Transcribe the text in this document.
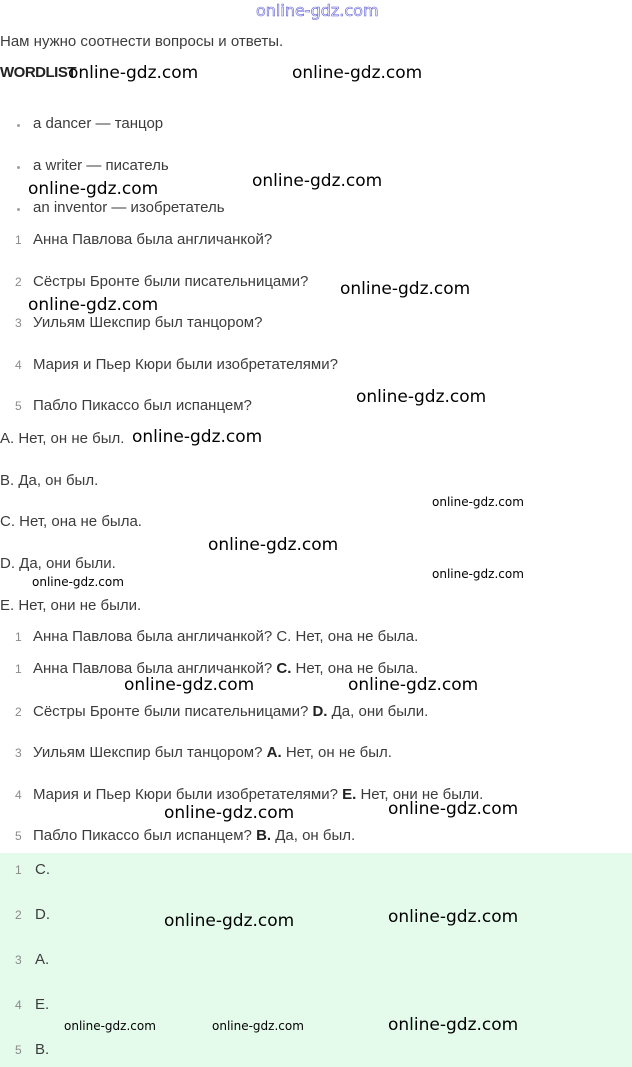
online-gdz.com
Нам нужно соотнести вопросы и ответы.
WORDLIST
a dancer — танцор
a writer — писатель
an inventor — изобретатель
1 Анна Павлова была англичанкой?
2 Сёстры Бронте были писательницами?
3 Уильям Шекспир был танцором?
4 Мария и Пьер Кюри были изобретателями?
5 Пабло Пикассо был испанцем?
A. Нет, он не был.
B. Да, он был.
C. Нет, она не была.
D. Да, они были.
E. Нет, они не были.
1 Анна Павлова была англичанкой? С. Нет, она не была.
1 Анна Павлова была англичанкой? C. Нет, она не была.
2 Сёстры Бронте были писательницами? D. Да, они были.
3 Уильям Шекспир был танцором? A. Нет, он не был.
4 Мария и Пьер Кюри были изобретателями? E. Нет, они не были.
5 Пабло Пикассо был испанцем? B. Да, он был.
1 C.
2 D.
3 A.
4 E.
5 B.
online-gdz.com	online-gdz.com
online-gdz.com
online-gdz.com
online-gdz.com
online-gdz.com
online-gdz.com
online-gdz.com
online-gdz.com
online-gdz.com
online-gdz.com
online-gdz.com
online-gdz.com	online-gdz.com
online-gdz.com
online-gdz.com
online-gdz.com
online-gdz.com
online-gdz.com
online-gdz.com	online-gdz.com
